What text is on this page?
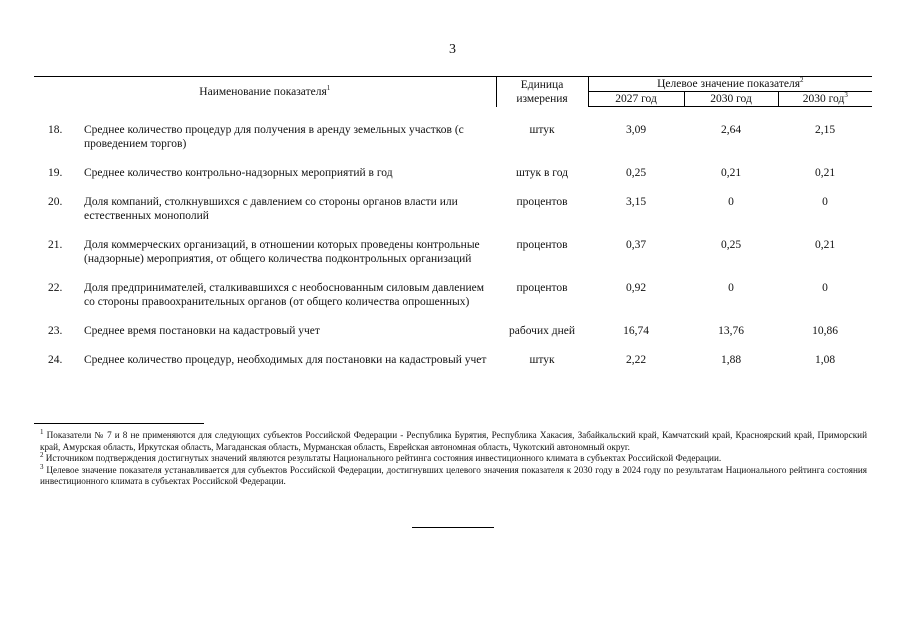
3
Наименование показателя$^1$		Единица
измерения	Целевое значение показателя$^2$
			2027 год	2030 год	2030 год$^3$

18.	Среднее количество процедур для получения в аренду земельных участков (с проведением торгов)	штук	3,09	2,64	2,15
19.	Среднее количество контрольно-надзорных мероприятий в год	штук в год	0,25	0,21	0,21
20.	Доля компаний, столкнувшихся с давлением со стороны органов власти или естественных монополий	процентов	3,15	0	0
21.	Доля коммерческих организаций, в отношении которых проведены контрольные (надзорные) мероприятия, от общего количества подконтрольных организаций	процентов	0,37	0,25	0,21
22.	Доля предпринимателей, сталкивавшихся с необоснованным силовым давлением со стороны правоохранительных органов (от общего количества опрошенных)	процентов	0,92	0	0
23.	Среднее время постановки на кадастровый учет	рабочих дней	16,74	13,76	10,86
24.	Среднее количество процедур, необходимых для постановки на кадастровый учет	штук	2,22	1,88	1,08

$^1$ Показатели № 7 и 8 не применяются для следующих субъектов Российской Федерации - Республика Бурятия, Республика Хакасия, Забайкальский край, Камчатский край, Красноярский край, Приморский край, Амурская область, Иркутская область, Магаданская область, Мурманская область, Еврейская автономная область, Чукотский автономный округ.

$^2$ Источником подтверждения достигнутых значений являются результаты Национального рейтинга состояния инвестиционного климата в субъектах Российской Федерации.

$^3$ Целевое значение показателя устанавливается для субъектов Российской Федерации, достигнувших целевого значения показателя к 2030 году в 2024 году по результатам Национального рейтинга состояния инвестиционного климата в субъектах Российской Федерации.
